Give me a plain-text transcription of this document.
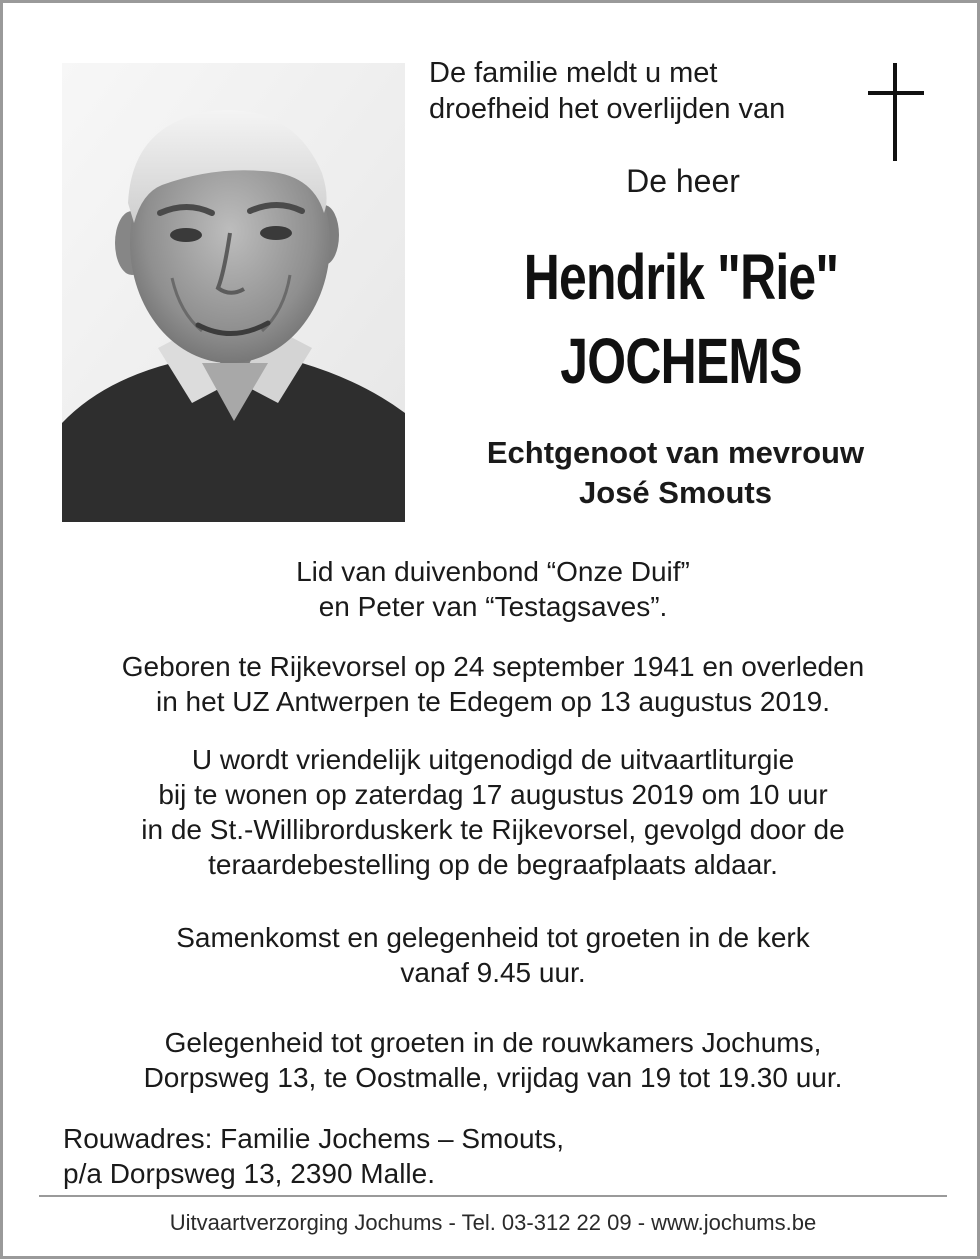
De familie meldt u met
droefheid het overlijden van
De heer
Hendrik "Rie"
JOCHEMS
Echtgenoot van mevrouw
José Smouts
Lid van duivenbond “Onze Duif”
en Peter van “Testagsaves”.
Geboren te Rijkevorsel op 24 september 1941 en overleden
in het UZ Antwerpen te Edegem op 13 augustus 2019.
U wordt vriendelijk uitgenodigd de uitvaartliturgie
bij te wonen op zaterdag 17 augustus 2019 om 10 uur
in de St.-Willibrorduskerk te Rijkevorsel, gevolgd door de
teraardebestelling op de begraafplaats aldaar.
Samenkomst en gelegenheid tot groeten in de kerk
vanaf 9.45 uur.
Gelegenheid tot groeten in de rouwkamers Jochums,
Dorpsweg 13, te Oostmalle, vrijdag van 19 tot 19.30 uur.
Rouwadres: Familie Jochems – Smouts,
p/a Dorpsweg 13, 2390 Malle.
Uitvaartverzorging Jochums - Tel. 03-312 22 09 - www.jochums.be
